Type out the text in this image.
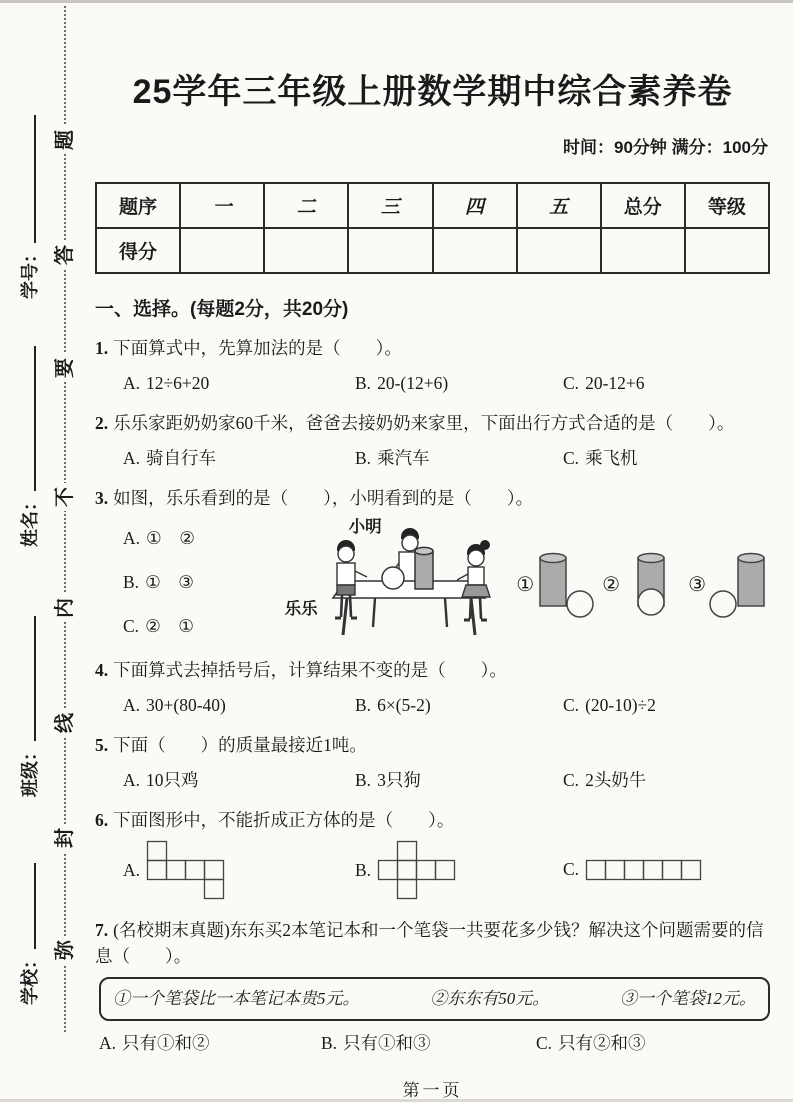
题
答
要
不
内
线
封
弥
学号：
姓名：
班级：
学校：
25学年三年级上册数学期中综合素养卷
时间：90分钟 满分：100分
题序	一	二	三	四	五	总分	等级
得分							
一、选择。(每题2分，共20分)
1. 下面算式中，先算加法的是（　　）。
A. 12÷6+20	B. 20-(12+6)	C. 20-12+6
2. 乐乐家距奶奶家60千米，爸爸去接奶奶来家里，下面出行方式合适的是（　　）。
A. 骑自行车	B. 乘汽车	C. 乘飞机
3. 如图，乐乐看到的是（　　），小明看到的是（　　）。
A. ①　②
B. ①　③
C. ②　①
小明
乐乐
①	②	③
4. 下面算式去掉括号后，计算结果不变的是（　　）。
A. 30+(80-40)	B. 6×(5-2)	C. (20-10)÷2
5. 下面（　　）的质量最接近1吨。
A. 10只鸡	B. 3只狗	C. 2头奶牛
6. 下面图形中，不能折成正方体的是（　　）。
A.	B.	C.
7. (名校期末真题)东东买2本笔记本和一个笔袋一共要花多少钱？解决这个问题需要的信息（　　）。
①一个笔袋比一本笔记本贵5元。	②东东有50元。	③一个笔袋12元。
A. 只有①和②	B. 只有①和③	C. 只有②和③
第一页
